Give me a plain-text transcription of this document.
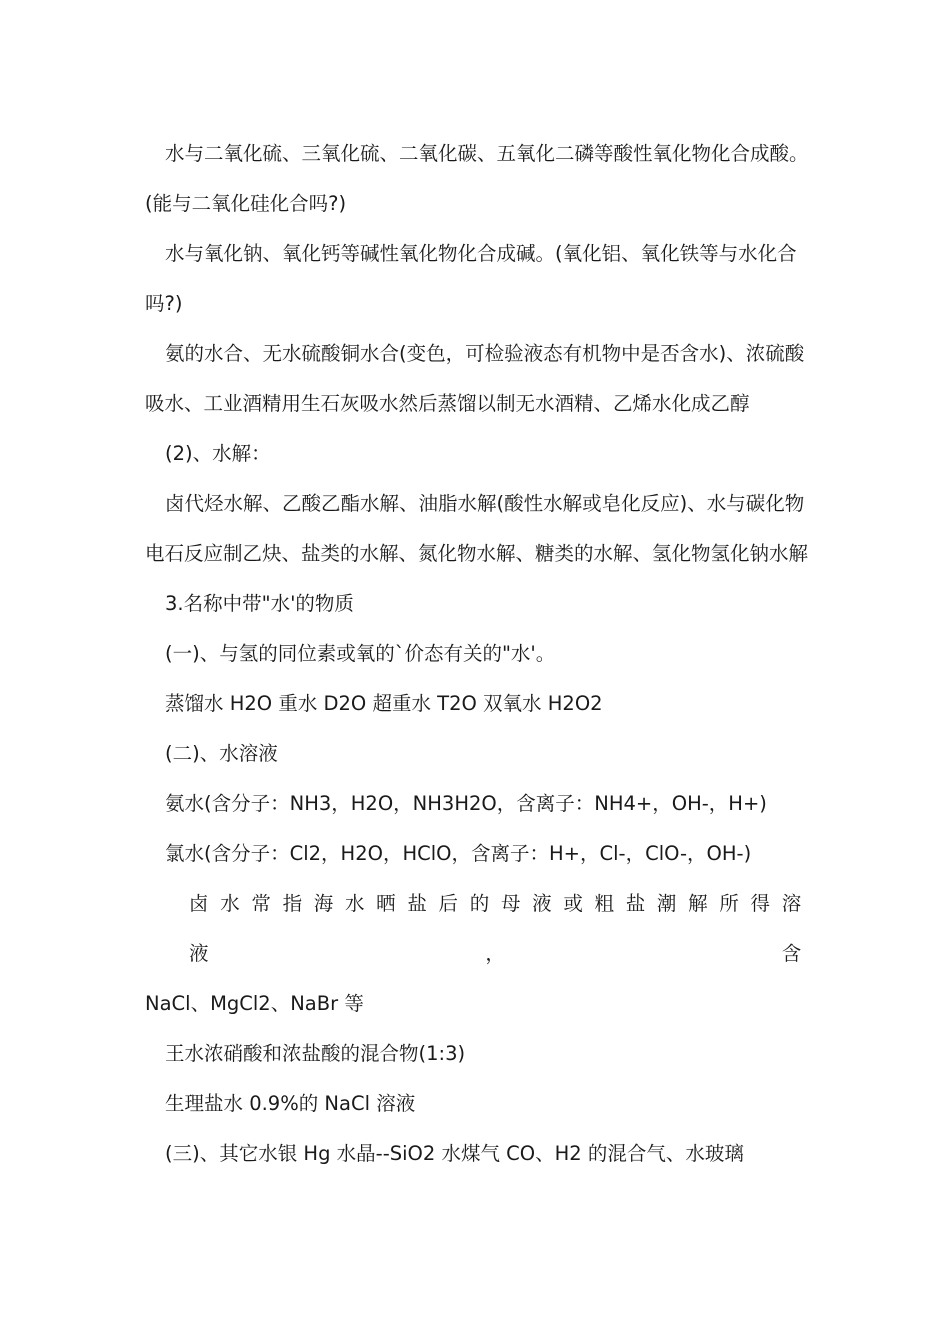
水与二氧化硫、三氧化硫、二氧化碳、五氧化二磷等酸性氧化物化合成酸。(能与二氧化硅化合吗?)

水与氧化钠、氧化钙等碱性氧化物化合成碱。(氧化铝、氧化铁等与水化合吗?)

氨的水合、无水硫酸铜水合(变色，可检验液态有机物中是否含水)、浓硫酸吸水、工业酒精用生石灰吸水然后蒸馏以制无水酒精、乙烯水化成乙醇

(2)、水解：

卤代烃水解、乙酸乙酯水解、油脂水解(酸性水解或皂化反应)、水与碳化物电石反应制乙炔、盐类的水解、氮化物水解、糖类的水解、氢化物氢化钠水解

3.名称中带"水'的物质

(一)、与氢的同位素或氧的`价态有关的"水'。

蒸馏水 H2O 重水 D2O 超重水 T2O 双氧水 H2O2

(二)、水溶液

氨水(含分子：NH3，H2O，NH3H2O，含离子：NH4+，OH-，H+)

氯水(含分子：Cl2，H2O，HClO，含离子：H+，Cl-，ClO-，OH-)

卤水常指海水晒盐后的母液或粗盐潮解所得溶液，含
NaCl、MgCl2、NaBr 等

王水浓硝酸和浓盐酸的混合物(1:3)

生理盐水 0.9%的 NaCl 溶液

(三)、其它水银 Hg 水晶--SiO2 水煤气 CO、H2 的混合气、水玻璃
